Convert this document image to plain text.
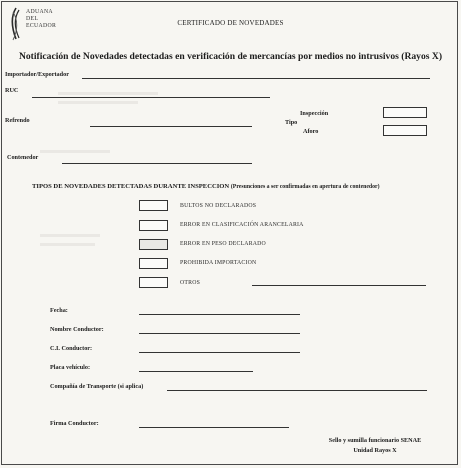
ADUANA
DEL
ECUADOR	CERTIFICADO DE NOVEDADES
Notificación de Novedades detectadas en verificación de mercancías por medios no intrusivos (Rayos X)
Importador/Exportador
RUC
Refrendo	Tipo
Inspección
Aforo
Contenedor
TIPOS DE NOVEDADES DETECTADAS DURANTE INSPECCION (Presunciones a ser confirmadas en apertura de contenedor)
BULTOS NO DECLARADOS
ERROR EN CLASIFICACIÓN ARANCELARIA
ERROR EN PESO DECLARADO
PROHIBIDA IMPORTACION
OTROS
Fecha:
Nombre Conductor:
C.I. Conductor:
Placa vehículo:
Compañía de Transporte (si aplica)
Firma Conductor:
Sello y sumilla funcionario SENAE
Unidad Rayos X
